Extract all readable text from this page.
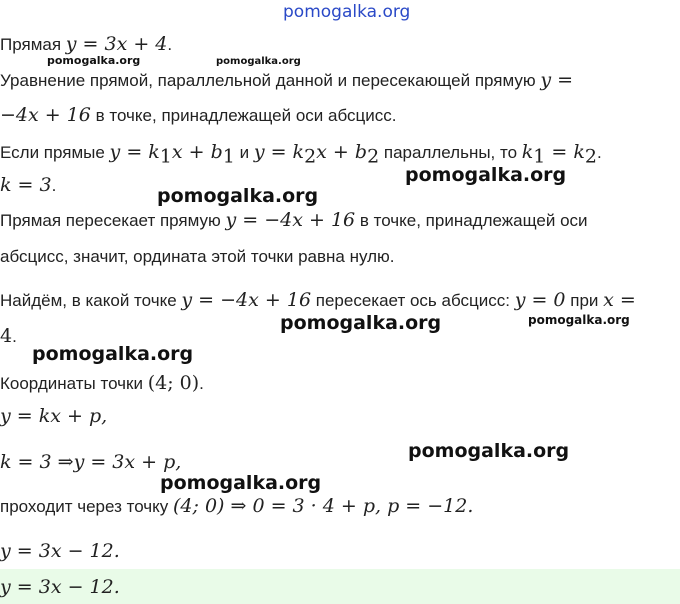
pomogalka.org
Прямая y = 3x + 4.
Уравнение прямой, параллельной данной и пересекающей прямую y =
−4x + 16 в точке, принадлежащей оси абсцисс.
Если прямые $y = k_1x + b_1$ и $y = k_2x + b_2$ параллельны, то $k_1 = k_2$.
k = 3.
Прямая пересекает прямую y = −4x + 16 в точке, принадлежащей оси
абсцисс, значит, ордината этой точки равна нулю.
Найдём, в какой точке y = −4x + 16 пересекает ось абсцисс: y = 0 при x =
4.
Координаты точки (4; 0).
y = kx + p,
k = 3 ⇒y = 3x + p,
проходит через точку (4; 0) ⇒ 0 = 3 · 4 + p, p = −12.
y = 3x − 12.
y = 3x − 12.
pomogalka.org	pomogalka.org
pomogalka.org
pomogalka.org
pomogalka.org	pomogalka.org
pomogalka.org
pomogalka.org
pomogalka.org
